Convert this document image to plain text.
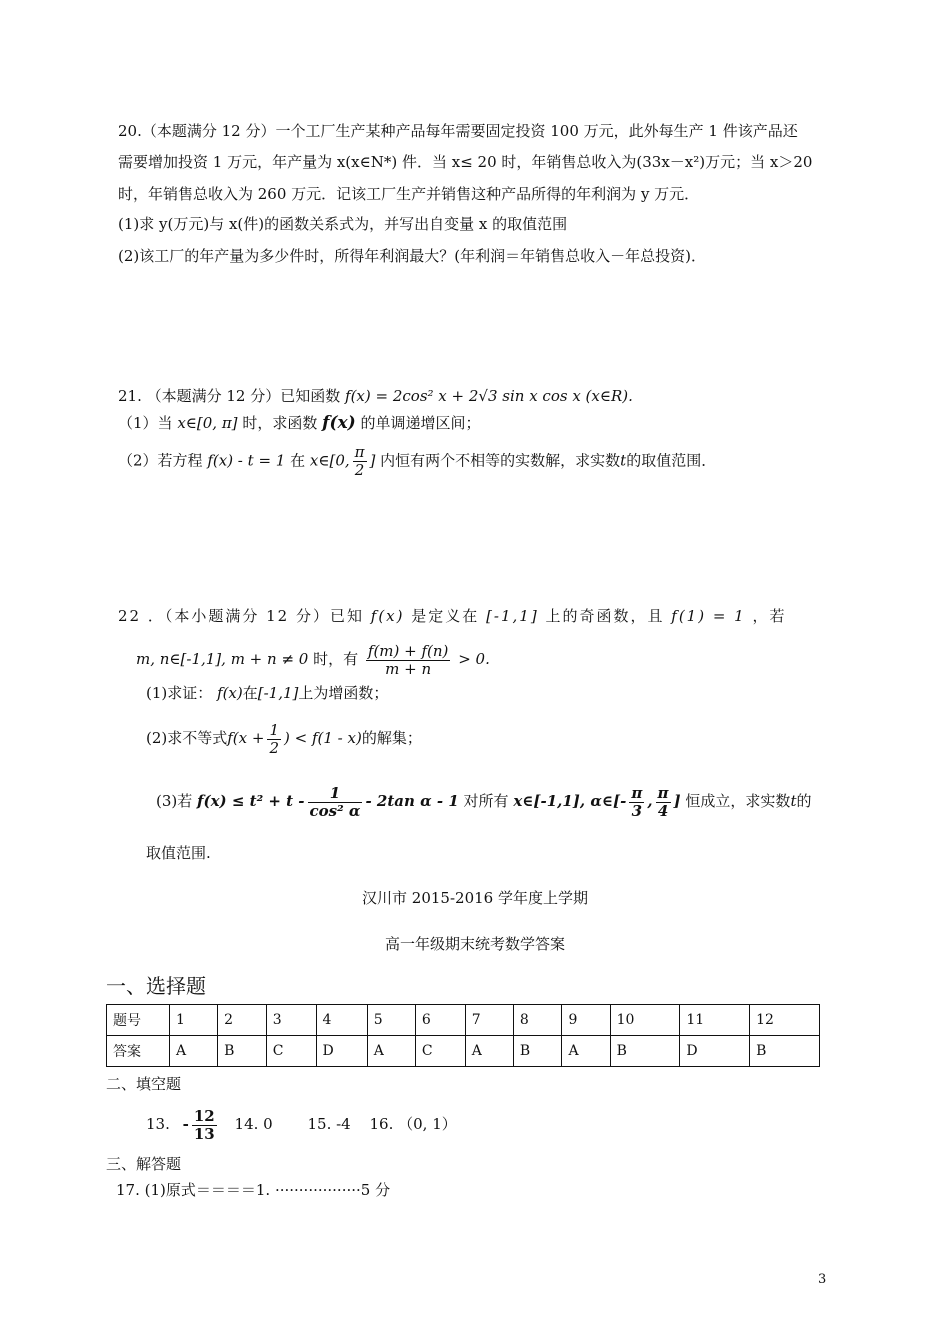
20.（本题满分 12 分）一个工厂生产某种产品每年需要固定投资 100 万元，此外每生产 1 件该产品还
需要增加投资 1 万元，年产量为 x(x∈N*) 件．当 x≤ 20 时，年销售总收入为(33x－x²)万元；当 x＞20
时，年销售总收入为 260 万元．记该工厂生产并销售这种产品所得的年利润为 y 万元．
(1)求 y(万元)与 x(件)的函数关系式为，并写出自变量 x 的取值范围
(2)该工厂的年产量为多少件时，所得年利润最大？(年利润＝年销售总收入－年总投资)．
21. （本题满分 12 分）已知函数 f(x) = 2cos² x + 2√3 sin x cos x (x∈R).
（1）当 x∈[0, π] 时，求函数 f(x) 的单调递增区间；
（2）若方程 f(x) - t = 1 在 x∈[0, $\frac{\pi}{2}$ ] 内恒有两个不相等的实数解，求实数t的取值范围．
22 ．（本小题满分 12 分）已知 f(x) 是定义在 [-1,1] 上的奇函数，且 f(1) = 1 ，若
m, n∈[-1,1], m + n ≠ 0 时，有 $\frac{f(m) + f(n)}{m + n} > 0$.
(1)求证： f(x)在[-1,1]上为增函数；
(2)求不等式$f(x + \frac{1}{2}$ ) < f(1 - x)的解集；
(3)若 $f(x) \le t^2 + t - \frac{1}{\text{cos² α}} - 2\tan$ α - 1 对所有 x∈[-1,1], α∈[- $\frac{\pi}{3}$ , $\frac{\pi}{4}$ ] 恒成立，求实数t的
取值范围.
汉川市 2015-2016 学年度上学期
高一年级期末统考数学答案
一、选择题
题号	1	2	3	4	5	6	7	8	9	10	11	12
答案	A	B	C	D	A	C	A	B	A	B	D	B
二、填空题
13. - $\frac{12}{13} 14$. 0 15. -4 16. （0, 1）
三、解答题
17. (1)原式＝＝＝＝1. ··················5 分
3
